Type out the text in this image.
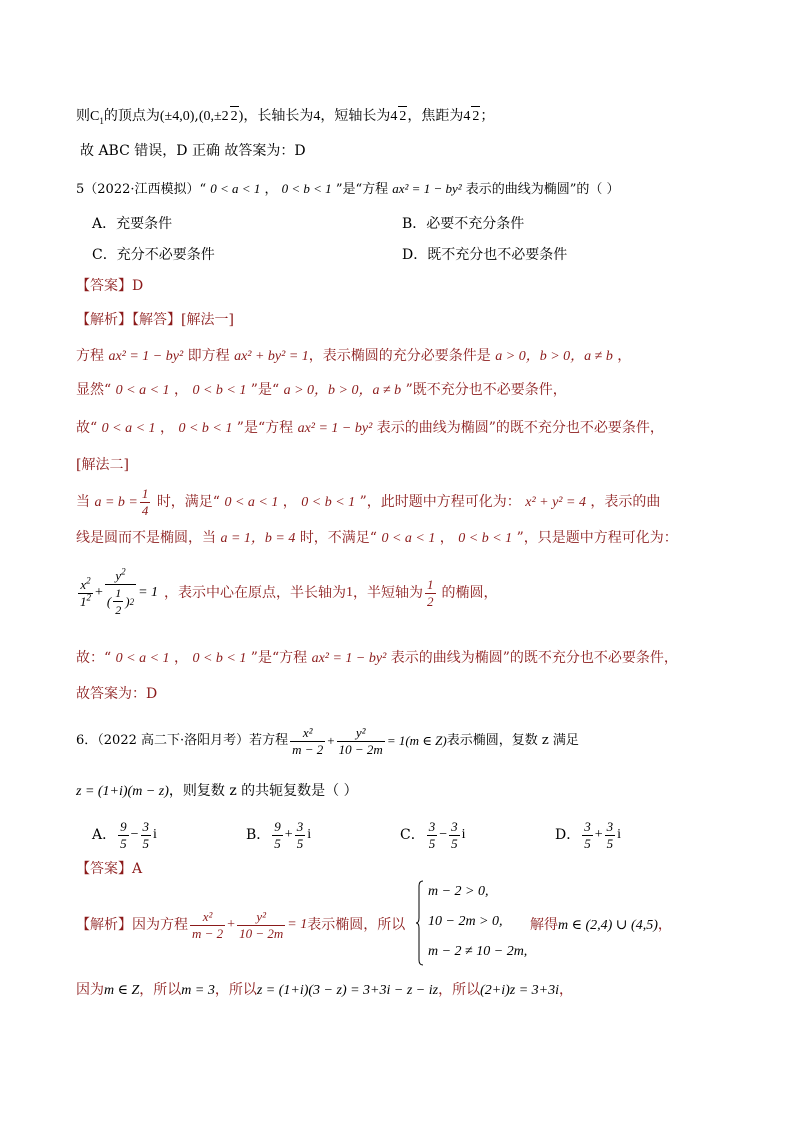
则$C_1$的顶点为(±4,0),(0,±2 2)，长轴长为4，短轴长为4 2，焦距为4 2；
故 ABC 错误，D 正确 故答案为：D
5（2022·江西模拟）“ 0 < a < 1 ， 0 < b < 1 ”是“方程 ax² = 1 − by² 表示的曲线为椭圆”的（ ）
A．充要条件	B．必要不充分条件
C．充分不必要条件	D．既不充分也不必要条件
【答案】D
【解析】【解答】[解法一]
方程 ax² = 1 − by² 即方程 ax² + by² = 1，表示椭圆的充分必要条件是 a > 0，b > 0，a ≠ b ，
显然“ 0 < a < 1 ， 0 < b < 1 ”是“ a > 0，b > 0，a ≠ b ”既不充分也不必要条件，
故“ 0 < a < 1 ， 0 < b < 1 ”是“方程 ax² = 1 − by² 表示的曲线为椭圆”的既不充分也不必要条件，
[解法二]
当 $a = b = \frac{1}{4}$ 时，满足“ 0 < a < 1 ， 0 < b < 1 ”，此时题中方程可化为： x² + y² = 4 ，表示的曲
线是圆而不是椭圆，当 a = 1，b = 4 时，不满足“ 0 < a < 1 ， 0 < b < 1 ”，只是题中方程可化为：
$\frac{x^2}{1^2} + \frac{y^2}{( \frac{1}{2} ) 2} = 1$ ，表示中心在原点，半长轴为 1 ，半短轴为 $\frac{1}{2}$ 的椭圆，
故：“ 0 < a < 1 ， 0 < b < 1 ”是“方程 ax² = 1 − by² 表示的曲线为椭圆”的既不充分也不必要条件，
故答案为：D
6．（2022 高二下·洛阳月考）若方程 $\frac{\text{x²}}{m - 2} + \frac{\text{y²}}{10 - 2m} = 1(m$ ∈ Z) 表示椭圆，复数 z 满足
z = (1+i)(m − z)，则复数 z 的共轭复数是（ ）
A． $\frac{9}{5} - \frac{3}{5}$ i	B． $\frac{9}{5} + \frac{3}{5}$ i	C． $\frac{3}{5} - \frac{3}{5}$ i	D． $\frac{3}{5} + \frac{3}{5}$ i
【答案】A
【解析】 因为方程 $\frac{\text{x²}}{m - 2} + \frac{\text{y²}}{10 - 2m} = 1$ 表示椭圆，所以
m − 2 > 0,
10 − 2m > 0,
m − 2 ≠ 10 − 2m,
解得m ∈ (2,4) ∪ (4,5)，
因为m ∈ Z，所以m = 3，所以z = (1+i)(3 − z) = 3+3i − z − iz，所以(2+i)z = 3+3i，
